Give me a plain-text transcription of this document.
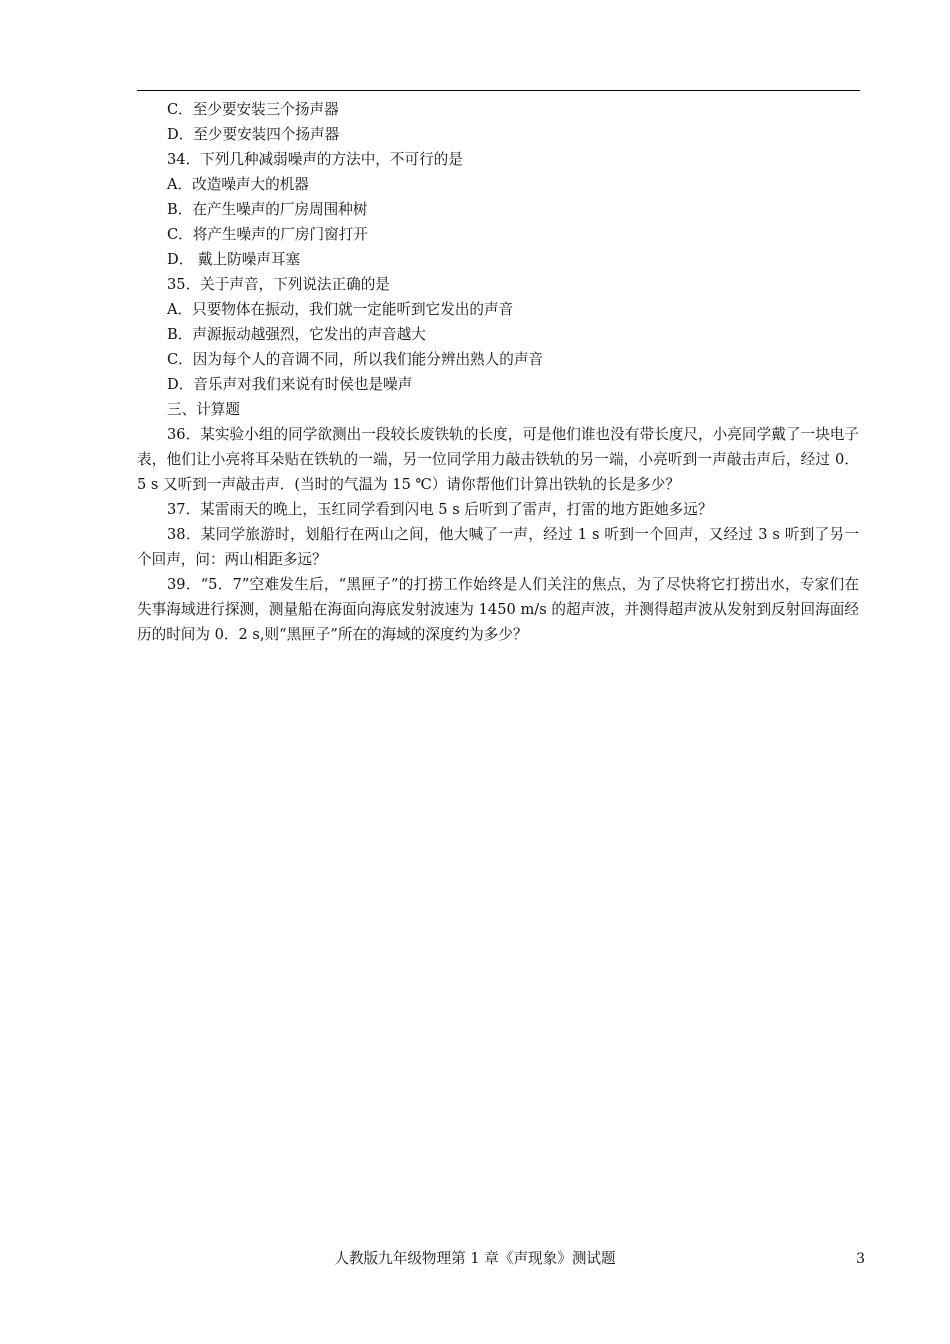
C．至少要安装三个扬声器
D．至少要安装四个扬声器
34．下列几种减弱噪声的方法中，不可行的是
A．改造噪声大的机器
B．在产生噪声的厂房周围种树
C．将产生噪声的厂房门窗打开
D． 戴上防噪声耳塞
35．关于声音，下列说法正确的是
A．只要物体在振动，我们就一定能听到它发出的声音
B．声源振动越强烈，它发出的声音越大
C．因为每个人的音调不同，所以我们能分辨出熟人的声音
D．音乐声对我们来说有时侯也是噪声
三、计算题
36．某实验小组的同学欲测出一段较长废铁轨的长度，可是他们谁也没有带长度尺，小亮同学戴了一块电子表，他们让小亮将耳朵贴在铁轨的一端，另一位同学用力敲击铁轨的另一端，小亮听到一声敲击声后，经过 0．5 s 又听到一声敲击声．(当时的气温为 15 ℃）请你帮他们计算出铁轨的长是多少？
37．某雷雨天的晚上，玉红同学看到闪电 5 s 后听到了雷声，打雷的地方距她多远？
38．某同学旅游时，划船行在两山之间，他大喊了一声，经过 1 s 听到一个回声，又经过 3 s 听到了另一个回声，问：两山相距多远？
39．“5．7”空难发生后，“黑匣子”的打捞工作始终是人们关注的焦点，为了尽快将它打捞出水，专家们在失事海域进行探测，测量船在海面向海底发射波速为 1450 m/s 的超声波，并测得超声波从发射到反射回海面经历的时间为 0．2 s,则“黑匣子”所在的海域的深度约为多少？
人教版九年级物理第 1 章《声现象》测试题	3
